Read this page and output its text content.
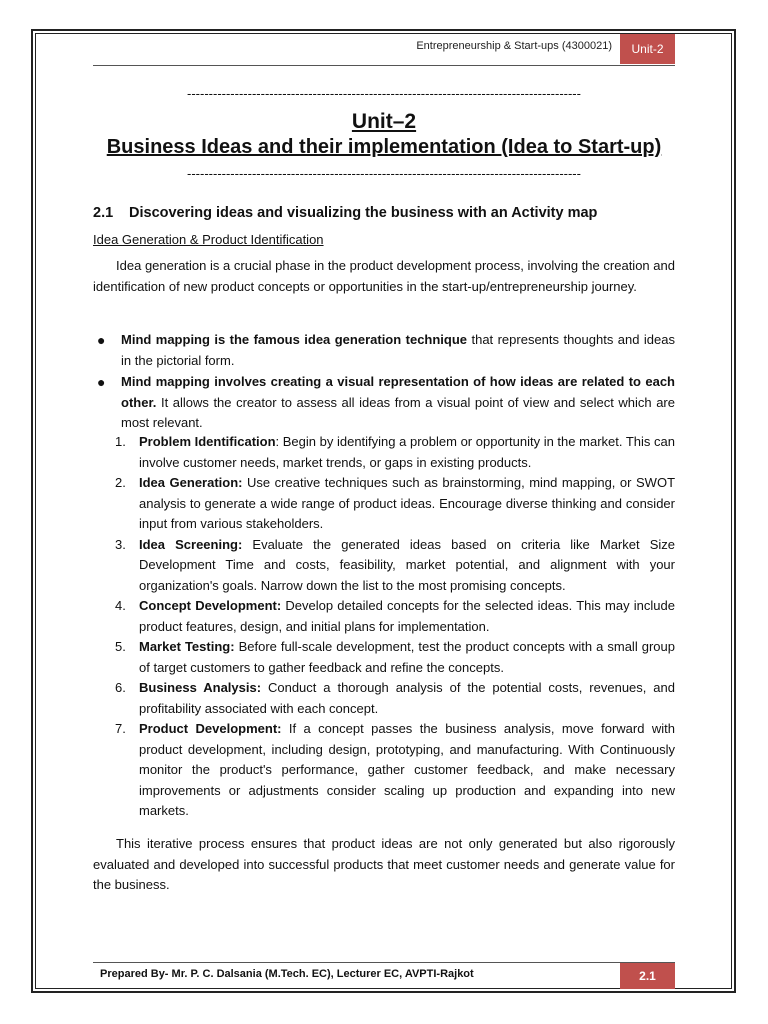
Entrepreneurship & Start-ups (4300021)	Unit-2
-------------------------------------------------------------------------------------------
Unit–2
Business Ideas and their implementation (Idea to Start-up)
-------------------------------------------------------------------------------------------
2.1 Discovering ideas and visualizing the business with an Activity map
Idea Generation & Product Identification
Idea generation is a crucial phase in the product development process, involving the creation and identification of new product concepts or opportunities in the start-up/entrepreneurship journey.
● Mind mapping is the famous idea generation technique that represents thoughts and ideas in the pictorial form.
● Mind mapping involves creating a visual representation of how ideas are related to each other. It allows the creator to assess all ideas from a visual point of view and select which are most relevant.
1. Problem Identification: Begin by identifying a problem or opportunity in the market. This can involve customer needs, market trends, or gaps in existing products.
2. Idea Generation: Use creative techniques such as brainstorming, mind mapping, or SWOT analysis to generate a wide range of product ideas. Encourage diverse thinking and consider input from various stakeholders.
3. Idea Screening: Evaluate the generated ideas based on criteria like Market Size Development Time and costs, feasibility, market potential, and alignment with your organization's goals. Narrow down the list to the most promising concepts.
4. Concept Development: Develop detailed concepts for the selected ideas. This may include product features, design, and initial plans for implementation.
5. Market Testing: Before full-scale development, test the product concepts with a small group of target customers to gather feedback and refine the concepts.
6. Business Analysis: Conduct a thorough analysis of the potential costs, revenues, and profitability associated with each concept.
7. Product Development: If a concept passes the business analysis, move forward with product development, including design, prototyping, and manufacturing. With Continuously monitor the product's performance, gather customer feedback, and make necessary improvements or adjustments consider scaling up production and expanding into new markets.
This iterative process ensures that product ideas are not only generated but also rigorously evaluated and developed into successful products that meet customer needs and generate value for the business.
Prepared By- Mr. P. C. Dalsania (M.Tech. EC), Lecturer EC, AVPTI-Rajkot	2.1
